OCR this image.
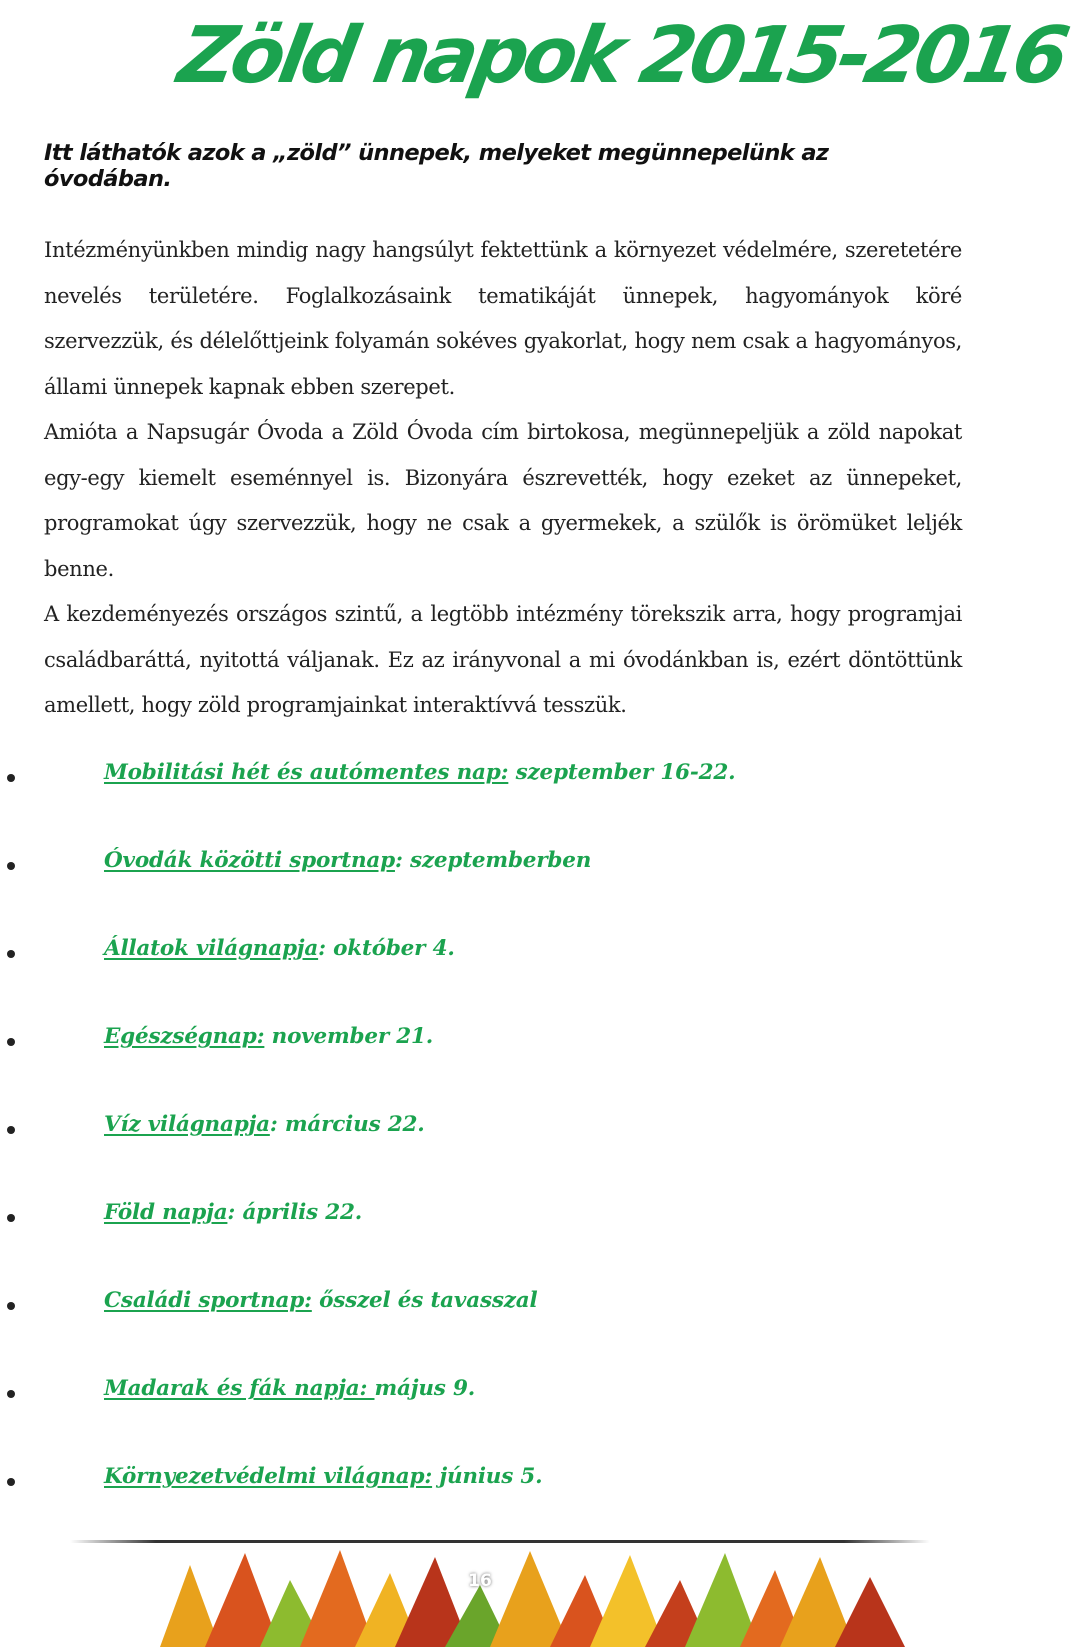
Zöld napok 2015-2016
Itt láthatók azok a „zöld” ünnepek, melyeket megünnepelünk az óvodában.

Intézményünkben mindig nagy hangsúlyt fektettünk a környezet védelmére, szeretetére nevelés területére. Foglalkozásaink tematikáját ünnepek, hagyományok köré szervezzük, és délelőttjeink folyamán sokéves gyakorlat, hogy nem csak a hagyományos, állami ünnepek kapnak ebben szerepet.

Amióta a Napsugár Óvoda a Zöld Óvoda cím birtokosa, megünnepeljük a zöld napokat egy-egy kiemelt eseménnyel is. Bizonyára észrevették, hogy ezeket az ünnepeket, programokat úgy szervezzük, hogy ne csak a gyermekek, a szülők is örömüket leljék benne.

A kezdeményezés országos szintű, a legtöbb intézmény törekszik arra, hogy programjai családbaráttá, nyitottá váljanak. Ez az irányvonal a mi óvodánkban is, ezért döntöttünk amellett, hogy zöld programjainkat interaktívvá tesszük.

Mobilitási hét és autómentes nap: szeptember 16-22.
Óvodák közötti sportnap: szeptemberben
Állatok világnapja: október 4.
Egészségnap: november 21.
Víz világnapja: március 22.
Föld napja: április 22.
Családi sportnap: ősszel és tavasszal
Madarak és fák napja: május 9.
Környezetvédelmi világnap: június 5.
16
